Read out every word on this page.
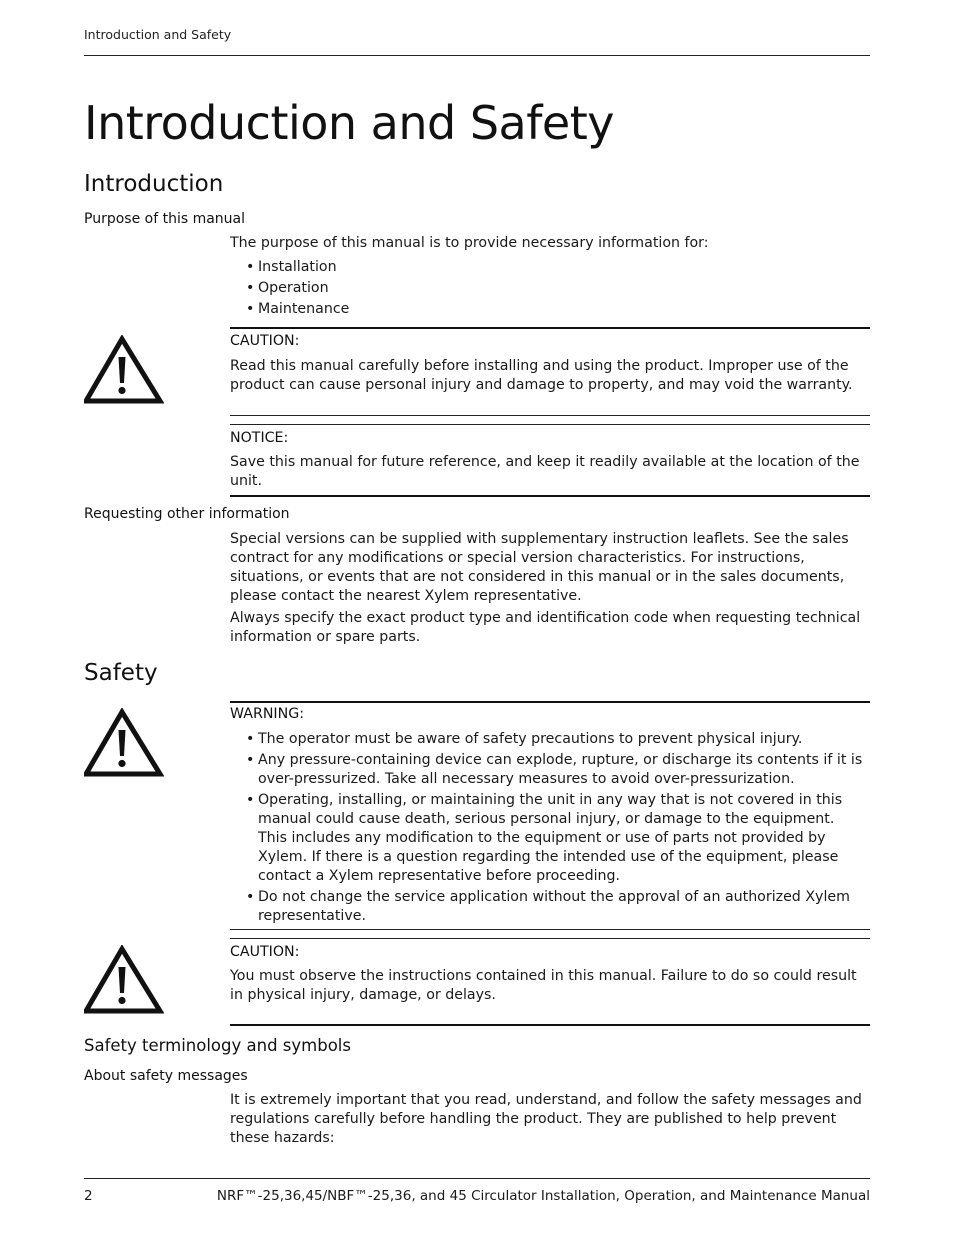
Introduction and Safety
Introduction and Safety
Introduction
Purpose of this manual
The purpose of this manual is to provide necessary information for:
• Installation
• Operation
• Maintenance
CAUTION:
Read this manual carefully before installing and using the product. Improper use of the product can cause personal injury and damage to property, and may void the warranty.
NOTICE:
Save this manual for future reference, and keep it readily available at the location of the unit.
Requesting other information
Special versions can be supplied with supplementary instruction leaflets. See the sales contract for any modifications or special version characteristics. For instructions, situations, or events that are not considered in this manual or in the sales documents, please contact the nearest Xylem representative.
Always specify the exact product type and identification code when requesting technical information or spare parts.
Safety
WARNING:
• The operator must be aware of safety precautions to prevent physical injury.
• Any pressure-containing device can explode, rupture, or discharge its contents if it is over-pressurized. Take all necessary measures to avoid over-pressurization.
• Operating, installing, or maintaining the unit in any way that is not covered in this manual could cause death, serious personal injury, or damage to the equipment. This includes any modification to the equipment or use of parts not provided by Xylem. If there is a question regarding the intended use of the equipment, please contact a Xylem representative before proceeding.
• Do not change the service application without the approval of an authorized Xylem representative.
CAUTION:
You must observe the instructions contained in this manual. Failure to do so could result in physical injury, damage, or delays.
Safety terminology and symbols
About safety messages
It is extremely important that you read, understand, and follow the safety messages and regulations carefully before handling the product. They are published to help prevent these hazards:
2	NRF™-25,36,45/NBF™-25,36, and 45 Circulator Installation, Operation, and Maintenance Manual
